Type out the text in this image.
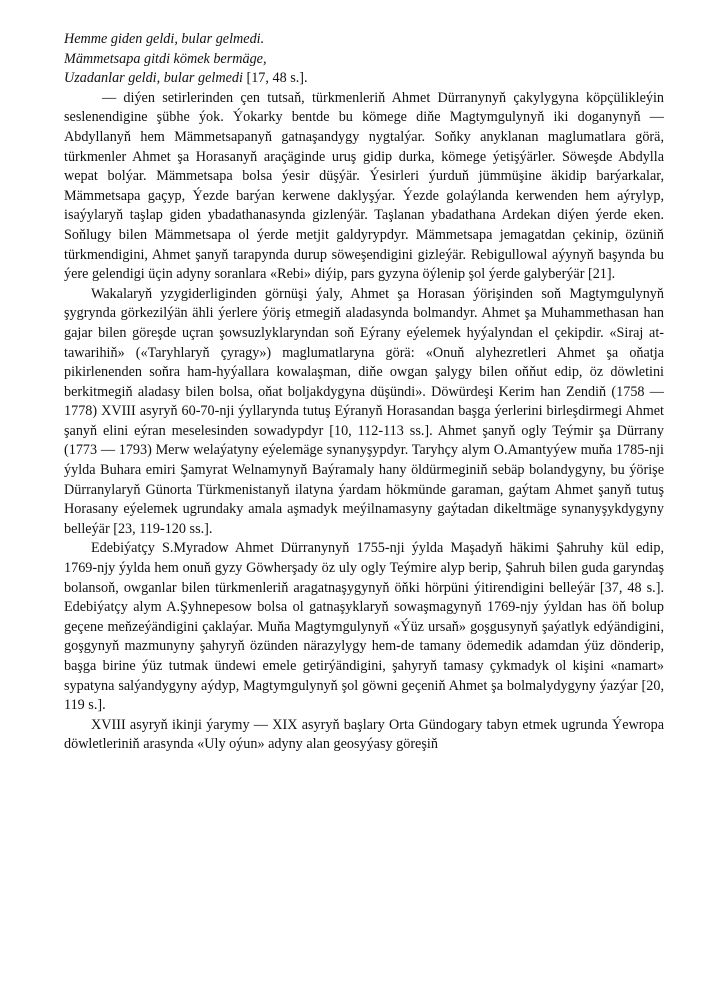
Hemme giden geldi, bular gelmedi.
Mämmetsapa gitdi kömek bermäge,
Uzadanlar geldi, bular gelmedi [17, 48 s.].

— diýen setirlerinden çen tutsaň, türkmenleriň Ahmet Dürranynyň çakylygyna köpçülikleýin seslenendigine şübhe ýok. Ýokarky bentde bu kömege diňe Magtymgulynyň iki doganynyň — Abdyllanyň hem Mämmetsapanyň gatnaşandygy nygtalýar. Soňky anyklanan maglumatlara görä, türkmenler Ahmet şa Horasanyň araçäginde uruş gidip durka, kömege ýetişýärler. Söweşde Abdylla wepat bolýar. Mämmetsapa bolsa ýesir düşýär. Ýesirleri ýurduň jümmüşine äkidip barýarkalar, Mämmetsapa gaçyp, Ýezde barýan kerwene daklyşýar. Ýezde golaýlanda kerwenden hem aýrylyp, isaýylaryň taşlap giden ybadathanasynda gizlenýär. Taşlanan ybadathana Ardekan diýen ýerde eken. Soňlugy bilen Mämmetsapa ol ýerde metjit galdyrypdyr. Mämmetsapa jemagatdan çekinip, özüniň türkmendigini, Ahmet şanyň tarapynda durup söweşendigini gizleýär. Rebigullowal aýynyň başynda bu ýere gelendigi üçin adyny soranlara «Rebi» diýip, pars gyzyna öýlenip şol ýerde galyberýär [21].

Wakalaryň yzygiderliginden görnüşi ýaly, Ahmet şa Horasan ýörişinden soň Magtymgulynyň şygrynda görkezilýän ähli ýerlere ýöriş etmegiň aladasynda bolmandyr. Ahmet şa Muhammethasan han gajar bilen göreşde uçran şowsuzlyklaryndan soň Eýrany eýelemek hyýalyndan el çekipdir. «Siraj at-tawarihiň» («Taryhlaryň çyragy») maglumatlaryna görä: «Onuň alyhezretleri Ahmet şa oňatja pikirlenenden soňra ham-hyýallara kowalaşman, diňe owgan şalygy bilen oňňut edip, öz döwletini berkitmegiň aladasy bilen bolsa, oňat boljakdygyna düşündi». Döwürdeşi Kerim han Zendiň (1758 — 1778) XVIII asyryň 60-70-nji ýyllarynda tutuş Eýranyň Horasandan başga ýerlerini birleşdirmegi Ahmet şanyň elini eýran meselesinden sowadypdyr [10, 112-113 ss.]. Ahmet şanyň ogly Teýmir şa Dürrany (1773 — 1793) Merw welaýatyny eýelemäge synanyşypdyr. Taryhçy alym O.Amantyýew muňa 1785-nji ýylda Buhara emiri Şamyrat Welnamynyň Baýramaly hany öldürmeginiň sebäp bolandygyny, bu ýörişe Dürranylaryň Günorta Türkmenistanyň ilatyna ýardam hökmünde garaman, gaýtam Ahmet şanyň tutuş Horasany eýelemek ugrundaky amala aşmadyk meýilnamasyny gaýtadan dikeltmäge synanyşykdygyny belleýär [23, 119-120 ss.].

Edebiýatçy S.Myradow Ahmet Dürranynyň 1755-nji ýylda Maşadyň häkimi Şahruhy kül edip, 1769-njy ýylda hem onuň gyzy Göwherşady öz uly ogly Teýmire alyp berip, Şahruh bilen guda garyndaş bolansoň, owganlar bilen türkmenleriň aragatnaşygynyň öňki hörpüni ýitirendigini belleýär [37, 48 s.]. Edebiýatçy alym A.Şyhnepesow bolsa ol gatnaşyklaryň sowaşmagynyň 1769-njy ýyldan has öň bolup geçene meňzeýändigini çaklaýar. Muňa Magtymgulynyň «Ýüz ursaň» goşgusynyň şaýatlyk edýändigini, goşgynyň mazmunyny şahyryň özünden närazylygy hem-de tamany ödemedik adamdan ýüz dönderip, başga birine ýüz tutmak ündewi emele getirýändigini, şahyryň tamasy çykmadyk ol kişini «namart» sypatyna salýandygyny aýdyp, Magtymgulynyň şol göwni geçeniň Ahmet şa bolmalydygyny ýazýar [20, 119 s.].

XVIII asyryň ikinji ýarymy — XIX asyryň başlary Orta Gündogary tabyn etmek ugrunda Ýewropa döwletleriniň arasynda «Uly oýun» adyny alan geosyýasy göreşiň
